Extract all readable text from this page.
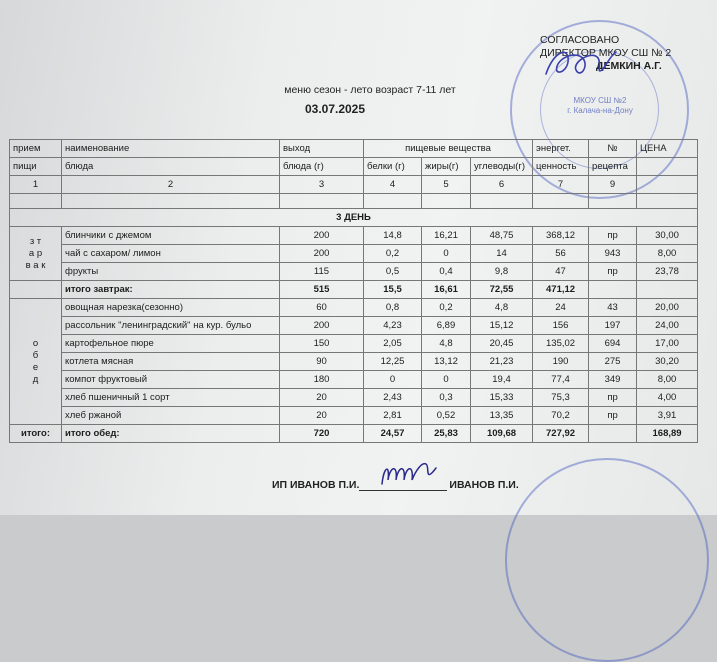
МКОУ СШ №2
г. Калача-на-Дону
СОГЛАСОВАНО
ДИРЕКТОР МКОУ СШ № 2
ДЕМКИН А.Г.
меню сезон - лето возраст 7-11 лет
03.07.2025
прием	наименование	выход	пищевые вещества			энергет.	№	ЦЕНА
пищи	блюда	блюда (г)	белки (г)	жиры(г)	углеводы(г)	ценность	рецепта	
1	2	3	4	5	6	7	9	

3 ДЕНЬ								

з т
а р
в а к	блинчики с джемом	200	14,8	16,21	48,75	368,12	пр	30,00
	чай с сахаром/ лимон	200	0,2	0	14	56	943	8,00
	фрукты	115	0,5	0,4	9,8	47	пр	23,78
	итого завтрак:	515	15,5	16,61	72,55	471,12		

о
б
е
д	овощная нарезка(сезонно)	60	0,8	0,2	4,8	24	43	20,00
	рассольник "ленинградский" на кур. бульо	200	4,23	6,89	15,12	156	197	24,00
	картофельное пюре	150	2,05	4,8	20,45	135,02	694	17,00
	котлета мясная	90	12,25	13,12	21,23	190	275	30,20
	компот фруктовый	180	0	0	19,4	77,4	349	8,00
	хлеб пшеничный 1 сорт	20	2,43	0,3	15,33	75,3	пр	4,00
	хлеб ржаной	20	2,81	0,52	13,35	70,2	пр	3,91
итого:	итого обед:	720	24,57	25,83	109,68	727,92		168,89
ИП ИВАНОВ П.И.	ИВАНОВ П.И.
